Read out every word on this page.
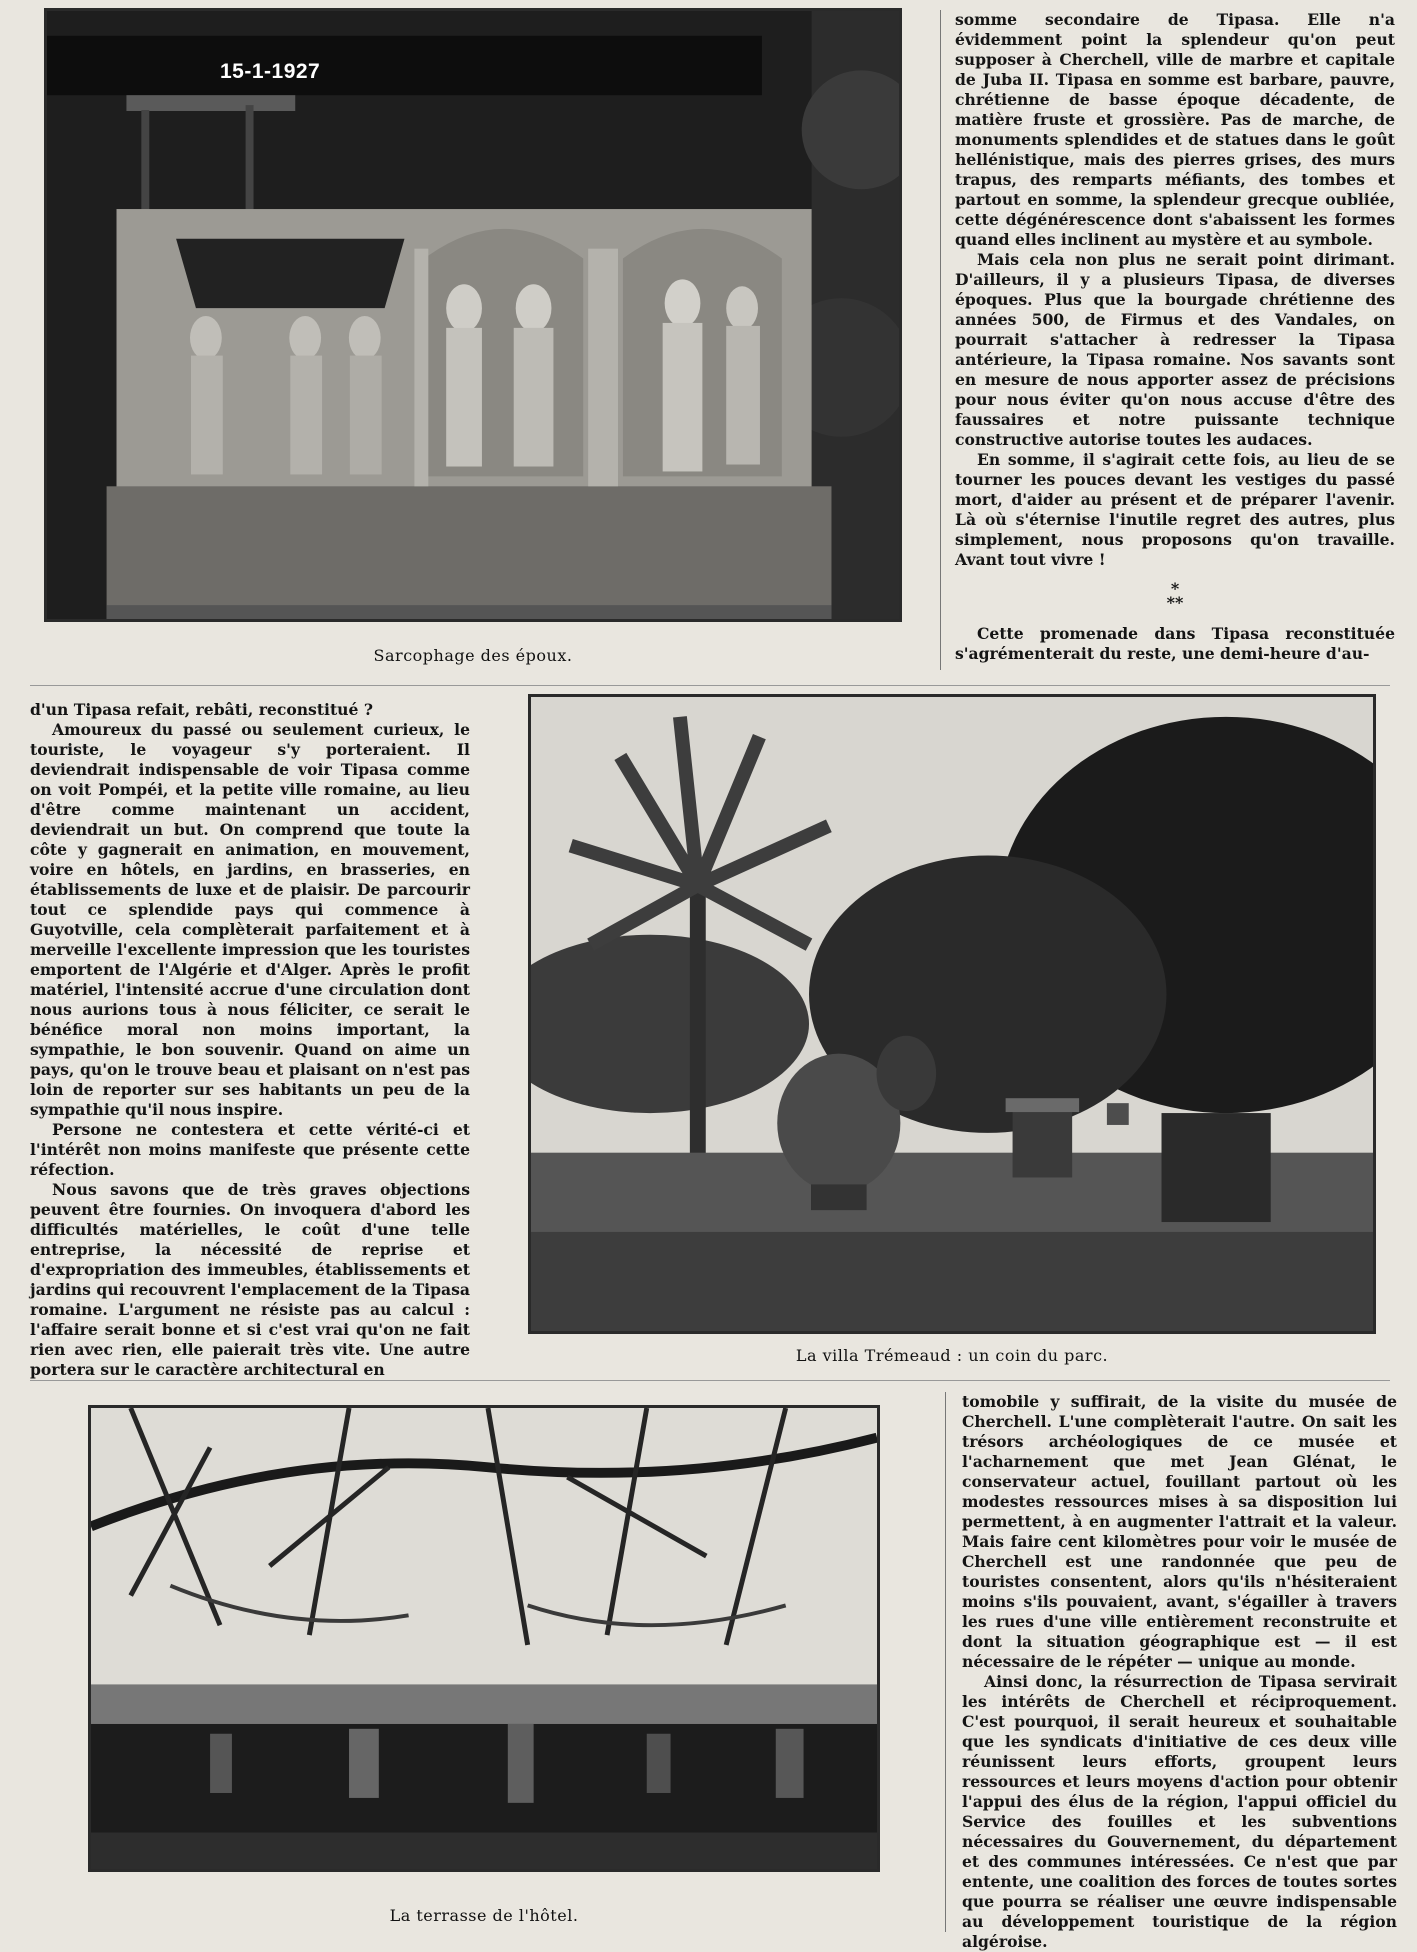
15-1-1927
Sarcophage des époux.

somme secondaire de Tipasa. Elle n'a évidemment point la splendeur qu'on peut supposer à Cherchell, ville de marbre et capitale de Juba II. Tipasa en somme est barbare, pauvre, chrétienne de basse époque décadente, de matière fruste et grossière. Pas de marche, de monuments splendides et de statues dans le goût hellénistique, mais des pierres grises, des murs trapus, des remparts méfiants, des tombes et partout en somme, la splendeur grecque oubliée, cette dégénérescence dont s'abaissent les formes quand elles inclinent au mystère et au symbole.

Mais cela non plus ne serait point dirimant. D'ailleurs, il y a plusieurs Tipasa, de diverses époques. Plus que la bourgade chrétienne des années 500, de Firmus et des Vandales, on pourrait s'attacher à redresser la Tipasa antérieure, la Tipasa romaine. Nos savants sont en mesure de nous apporter assez de précisions pour nous éviter qu'on nous accuse d'être des faussaires et notre puissante technique constructive autorise toutes les audaces.

En somme, il s'agirait cette fois, au lieu de se tourner les pouces devant les vestiges du passé mort, d'aider au présent et de préparer l'avenir. Là où s'éternise l'inutile regret des autres, plus simplement, nous proposons qu'on travaille. Avant tout vivre !

*
**

Cette promenade dans Tipasa reconstituée s'agrémenterait du reste, une demi-heure d'au-

d'un Tipasa refait, rebâti, reconstitué ?

Amoureux du passé ou seulement curieux, le touriste, le voyageur s'y porteraient. Il deviendrait indispensable de voir Tipasa comme on voit Pompéi, et la petite ville romaine, au lieu d'être comme maintenant un accident, deviendrait un but. On comprend que toute la côte y gagnerait en animation, en mouvement, voire en hôtels, en jardins, en brasseries, en établissements de luxe et de plaisir. De parcourir tout ce splendide pays qui commence à Guyotville, cela complèterait parfaitement et à merveille l'excellente impression que les touristes emportent de l'Algérie et d'Alger. Après le profit matériel, l'intensité accrue d'une circulation dont nous aurions tous à nous féliciter, ce serait le bénéfice moral non moins important, la sympathie, le bon souvenir. Quand on aime un pays, qu'on le trouve beau et plaisant on n'est pas loin de reporter sur ses habitants un peu de la sympathie qu'il nous inspire.

Persone ne contestera et cette vérité-ci et l'intérêt non moins manifeste que présente cette réfection.

Nous savons que de très graves objections peuvent être fournies. On invoquera d'abord les difficultés matérielles, le coût d'une telle entreprise, la nécessité de reprise et d'expropriation des immeubles, établissements et jardins qui recouvrent l'emplacement de la Tipasa romaine. L'argument ne résiste pas au calcul : l'affaire serait bonne et si c'est vrai qu'on ne fait rien avec rien, elle paierait très vite. Une autre portera sur le caractère architectural en

La villa Trémeaud : un coin du parc.
La terrasse de l'hôtel.

tomobile y suffirait, de la visite du musée de Cherchell. L'une complèterait l'autre. On sait les trésors archéologiques de ce musée et l'acharnement que met Jean Glénat, le conservateur actuel, fouillant partout où les modestes ressources mises à sa disposition lui permettent, à en augmenter l'attrait et la valeur. Mais faire cent kilomètres pour voir le musée de Cherchell est une randonnée que peu de touristes consentent, alors qu'ils n'hésiteraient moins s'ils pouvaient, avant, s'égailler à travers les rues d'une ville entièrement reconstruite et dont la situation géographique est — il est nécessaire de le répéter — unique au monde.

Ainsi donc, la résurrection de Tipasa servirait les intérêts de Cherchell et réciproquement. C'est pourquoi, il serait heureux et souhaitable que les syndicats d'initiative de ces deux ville réunissent leurs efforts, groupent leurs ressources et leurs moyens d'action pour obtenir l'appui des élus de la région, l'appui officiel du Service des fouilles et les subventions nécessaires du Gouvernement, du département et des communes intéressées. Ce n'est que par entente, une coalition des forces de toutes sortes que pourra se réaliser une œuvre indispensable au développement touristique de la région algéroise.
